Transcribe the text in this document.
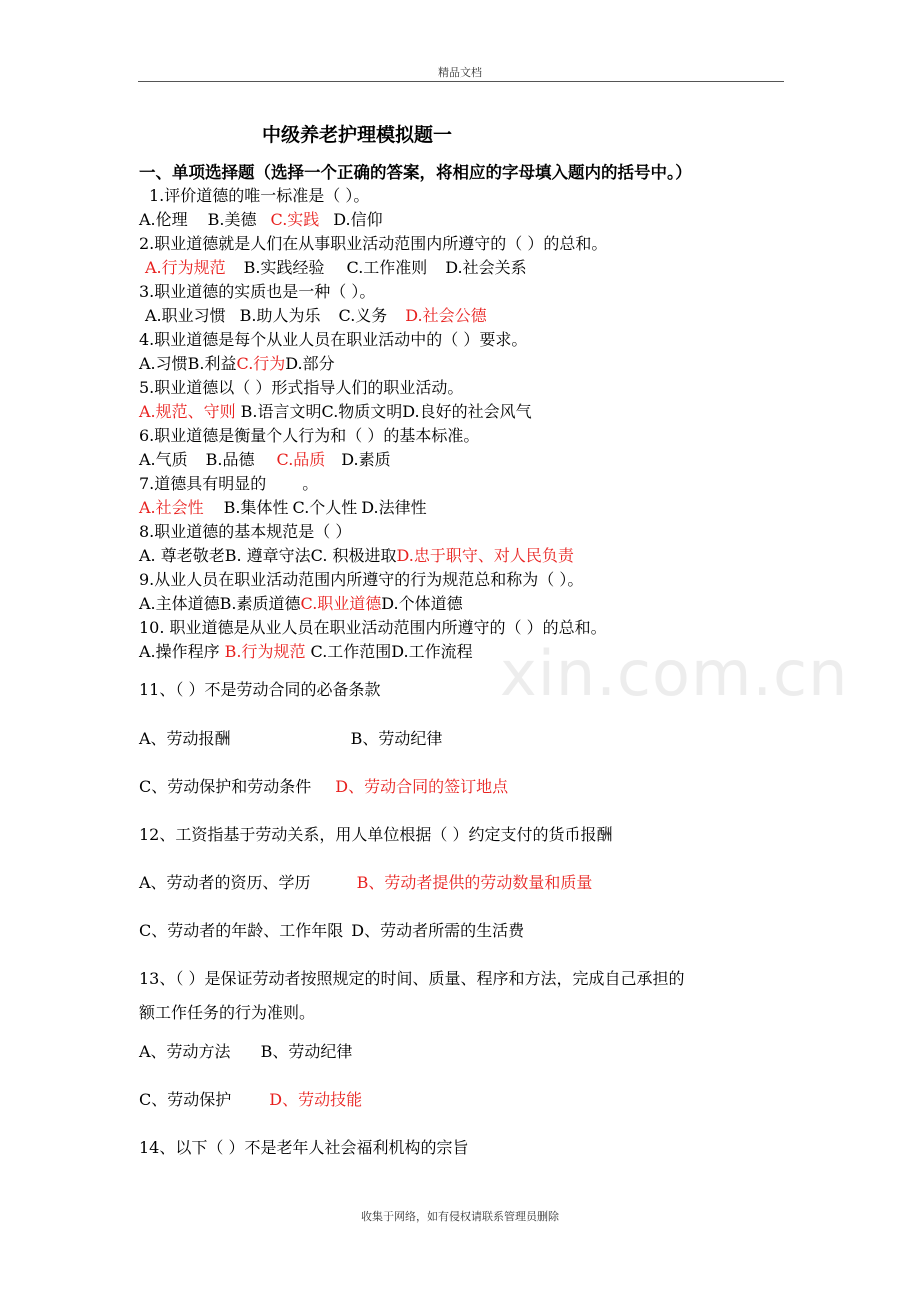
精品文档
中级养老护理模拟题一
一、单项选择题（选择一个正确的答案，将相应的字母填入题内的括号中。）
1.评价道德的唯一标准是（ ）。
A.伦理 B.美德 C.实践 D.信仰
2.职业道德就是人们在从事职业活动范围内所遵守的（ ）的总和。
A.行为规范 B.实践经验 C.工作准则 D.社会关系
3.职业道德的实质也是一种（ ）。
A.职业习惯 B.助人为乐 C.义务 D.社会公德
4.职业道德是每个从业人员在职业活动中的（ ）要求。
A.习惯B.利益C.行为D.部分
5.职业道德以（ ）形式指导人们的职业活动。
A.规范、守则 B.语言文明C.物质文明D.良好的社会风气
6.职业道德是衡量个人行为和（ ）的基本标准。
A.气质 B.品德 C.品质 D.素质
7.道德具有明显的 。
A.社会性 B.集体性 C.个人性 D.法律性
8.职业道德的基本规范是（ ）
A. 尊老敬老B. 遵章守法C. 积极进取D.忠于职守、对人民负责
9.从业人员在职业活动范围内所遵守的行为规范总和称为（ ）。
A.主体道德B.素质道德C.职业道德D.个体道德
10. 职业道德是从业人员在职业活动范围内所遵守的（ ）的总和。
A.操作程序 B.行为规范 C.工作范围D.工作流程
11、（ ）不是劳动合同的必备条款
A、劳动报酬	B、劳动纪律
C、劳动保护和劳动条件 D、劳动合同的签订地点
12、工资指基于劳动关系，用人单位根据（ ）约定支付的货币报酬
A、劳动者的资历、学历	B、劳动者提供的劳动数量和质量
C、劳动者的年龄、工作年限 D、劳动者所需的生活费
13、（ ）是保证劳动者按照规定的时间、质量、程序和方法，完成自己承担的
额工作任务的行为准则。
A、劳动方法 B、劳动纪律
C、劳动保护 D、劳动技能
14、以下（ ）不是老年人社会福利机构的宗旨
xin.com.cn
收集于网络，如有侵权请联系管理员删除
